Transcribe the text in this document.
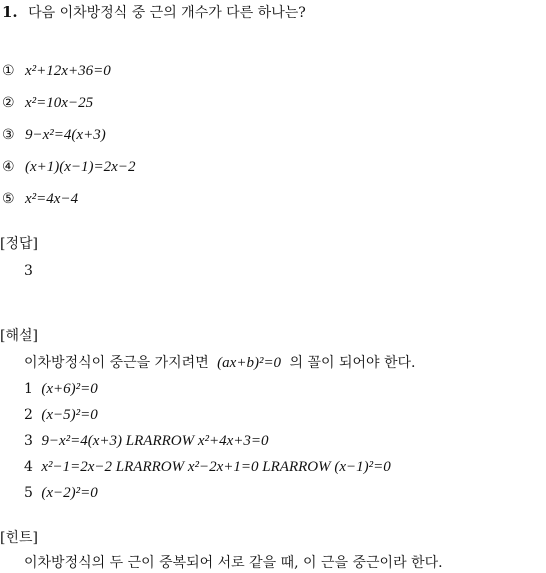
1. 다음 이차방정식 중 근의 개수가 다른 하나는?
① x²+12x+36=0
② x²=10x−25
③ 9−x²=4(x+3)
④ (x+1)(x−1)=2x−2
⑤ x²=4x−4
[정답]
3
[해설]
이차방정식이 중근을 가지려면 (ax+b)²=0 의 꼴이 되어야 한다.
1 (x+6)²=0
2 (x−5)²=0
3 9−x²=4(x+3) LRARROW x²+4x+3=0
4 x²−1=2x−2 LRARROW x²−2x+1=0 LRARROW (x−1)²=0
5 (x−2)²=0
[힌트]
이차방정식의 두 근이 중복되어 서로 같을 때, 이 근을 중근이라 한다.
